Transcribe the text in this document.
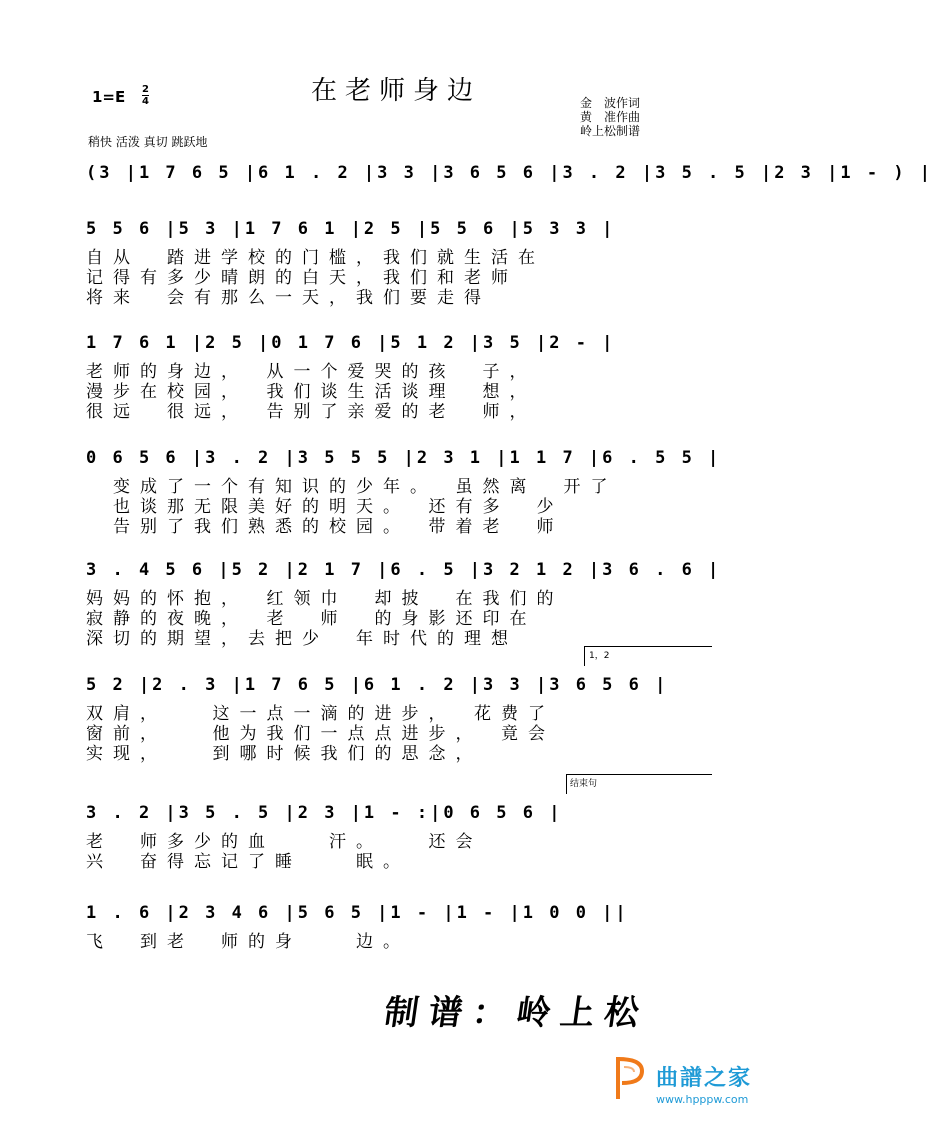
在老师身边
$1=E \frac{2}{4}$	金　波作词
黄　准作曲
岭上松制谱
稍快 活泼 真切 跳跃地
(3 |1 7 6 5 |6 1 . 2 |3 3 |3 6 5 6 |3 . 2 |3 5 . 5 |2 3 |1 - ) |
5 5 6 |5 3 |1 7 6 1 |2 5 |5 5 6 |5 3 3 |
自从　踏进学校的门槛，我们就生活在
记得有多少晴朗的白天，我们和老师
将来　会有那么一天，我们要走得
1 7 6 1 |2 5 |0 1 7 6 |5 1 2 |3 5 |2 - |
老师的身边，　从一个爱哭的孩　子，
漫步在校园，　我们谈生活谈理　想，
很远　很远，　告别了亲爱的老　师，
0 6 5 6 |3 . 2 |3 5 5 5 |2 3 1 |1 1 7 |6 . 5 5 |
　变成了一个有知识的少年。　虽然离　开了
　也谈那无限美好的明天。　还有多　少
　告别了我们熟悉的校园。　带着老　师
3 . 4 5 6 |5 2 |2 1 7 |6 . 5 |3 2 1 2 |3 6 . 6 |
妈妈的怀抱，　红领巾　却披　在我们的
寂静的夜晚，　老　师　的身影还印在
深切的期望，去把少　年时代的理想
1，2
5 2 |2 . 3 |1 7 6 5 |6 1 . 2 |3 3 |3 6 5 6 |
双肩，　　这一点一滴的进步，　花费了
窗前，　　他为我们一点点进步，　竟会
实现，　　到哪时候我们的思念，
结束句
3 . 2 |3 5 . 5 |2 3 |1 - :|0 6 5 6 |
老　师多少的血　　汗。　　还会
兴　奋得忘记了睡　　眠。
1 . 6 |2 3 4 6 |5 6 5 |1 - |1 - |1 0 0 ||
飞　到老　师的身　　边。
制谱：岭上松
曲譜之家
www.hpppw.com
